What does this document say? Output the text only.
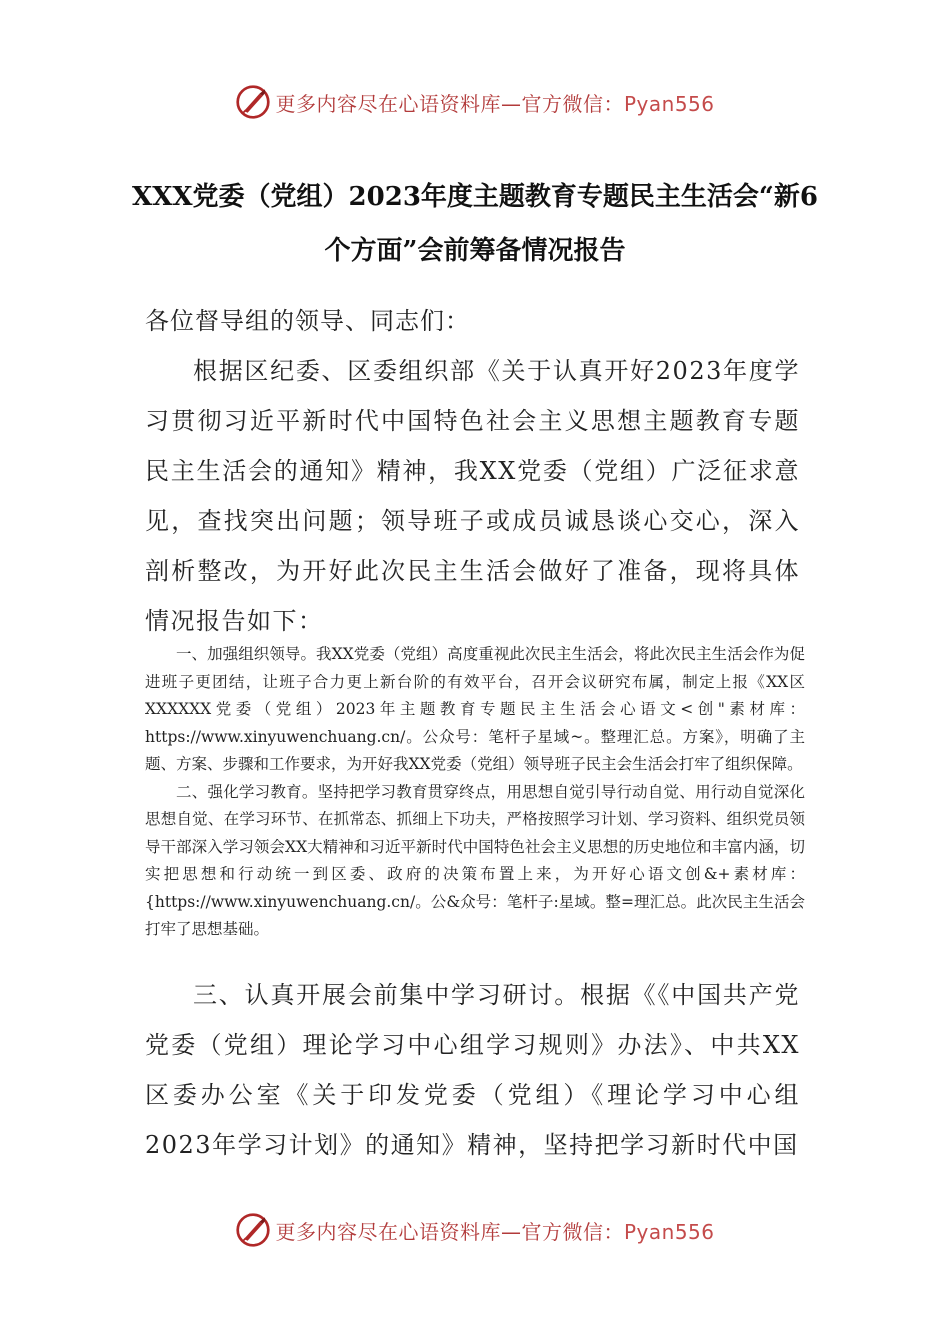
更多内容尽在心语资料库—官方微信：Pyan556
XXX党委（党组）2023年度主题教育专题民主生活会“新6个方面”会前筹备情况报告
各位督导组的领导、同志们：
根据区纪委、区委组织部《关于认真开好2023年度学习贯彻习近平新时代中国特色社会主义思想主题教育专题民主生活会的通知》精神，我XX党委（党组）广泛征求意见，查找突出问题；领导班子或成员诚恳谈心交心，深入剖析整改，为开好此次民主生活会做好了准备，现将具体情况报告如下：

一、加强组织领导。我XX党委（党组）高度重视此次民主生活会，将此次民主生活会作为促进班子更团结，让班子合力更上新台阶的有效平台，召开会议研究布属，制定上报《XX区XXXXXX党委（党组）2023年主题教育专题民主生活会心语文<创"素材库：https://www.xinyuwenchuang.cn/。公众号：笔杆子星域~。整理汇总。方案》，明确了主题、方案、步骤和工作要求，为开好我XX党委（党组）领导班子民主会生活会打牢了组织保障。

二、强化学习教育。坚持把学习教育贯穿终点，用思想自觉引导行动自觉、用行动自觉深化思想自觉、在学习环节、在抓常态、抓细上下功夫，严格按照学习计划、学习资料、组织党员领导干部深入学习领会XX大精神和习近平新时代中国特色社会主义思想的历史地位和丰富内涵，切实把思想和行动统一到区委、政府的决策布置上来，为开好心语文创&+素材库：{https://www.xinyuwenchuang.cn/。公&众号：笔杆子:星域。整=理汇总。此次民主生活会打牢了思想基础。

三、认真开展会前集中学习研讨。根据《《中国共产党党委（党组）理论学习中心组学习规则》办法》、中共XX区委办公室《关于印发党委（党组）《理论学习中心组2023年学习计划》的通知》精神，坚持把学习新时代中国
更多内容尽在心语资料库—官方微信：Pyan556
